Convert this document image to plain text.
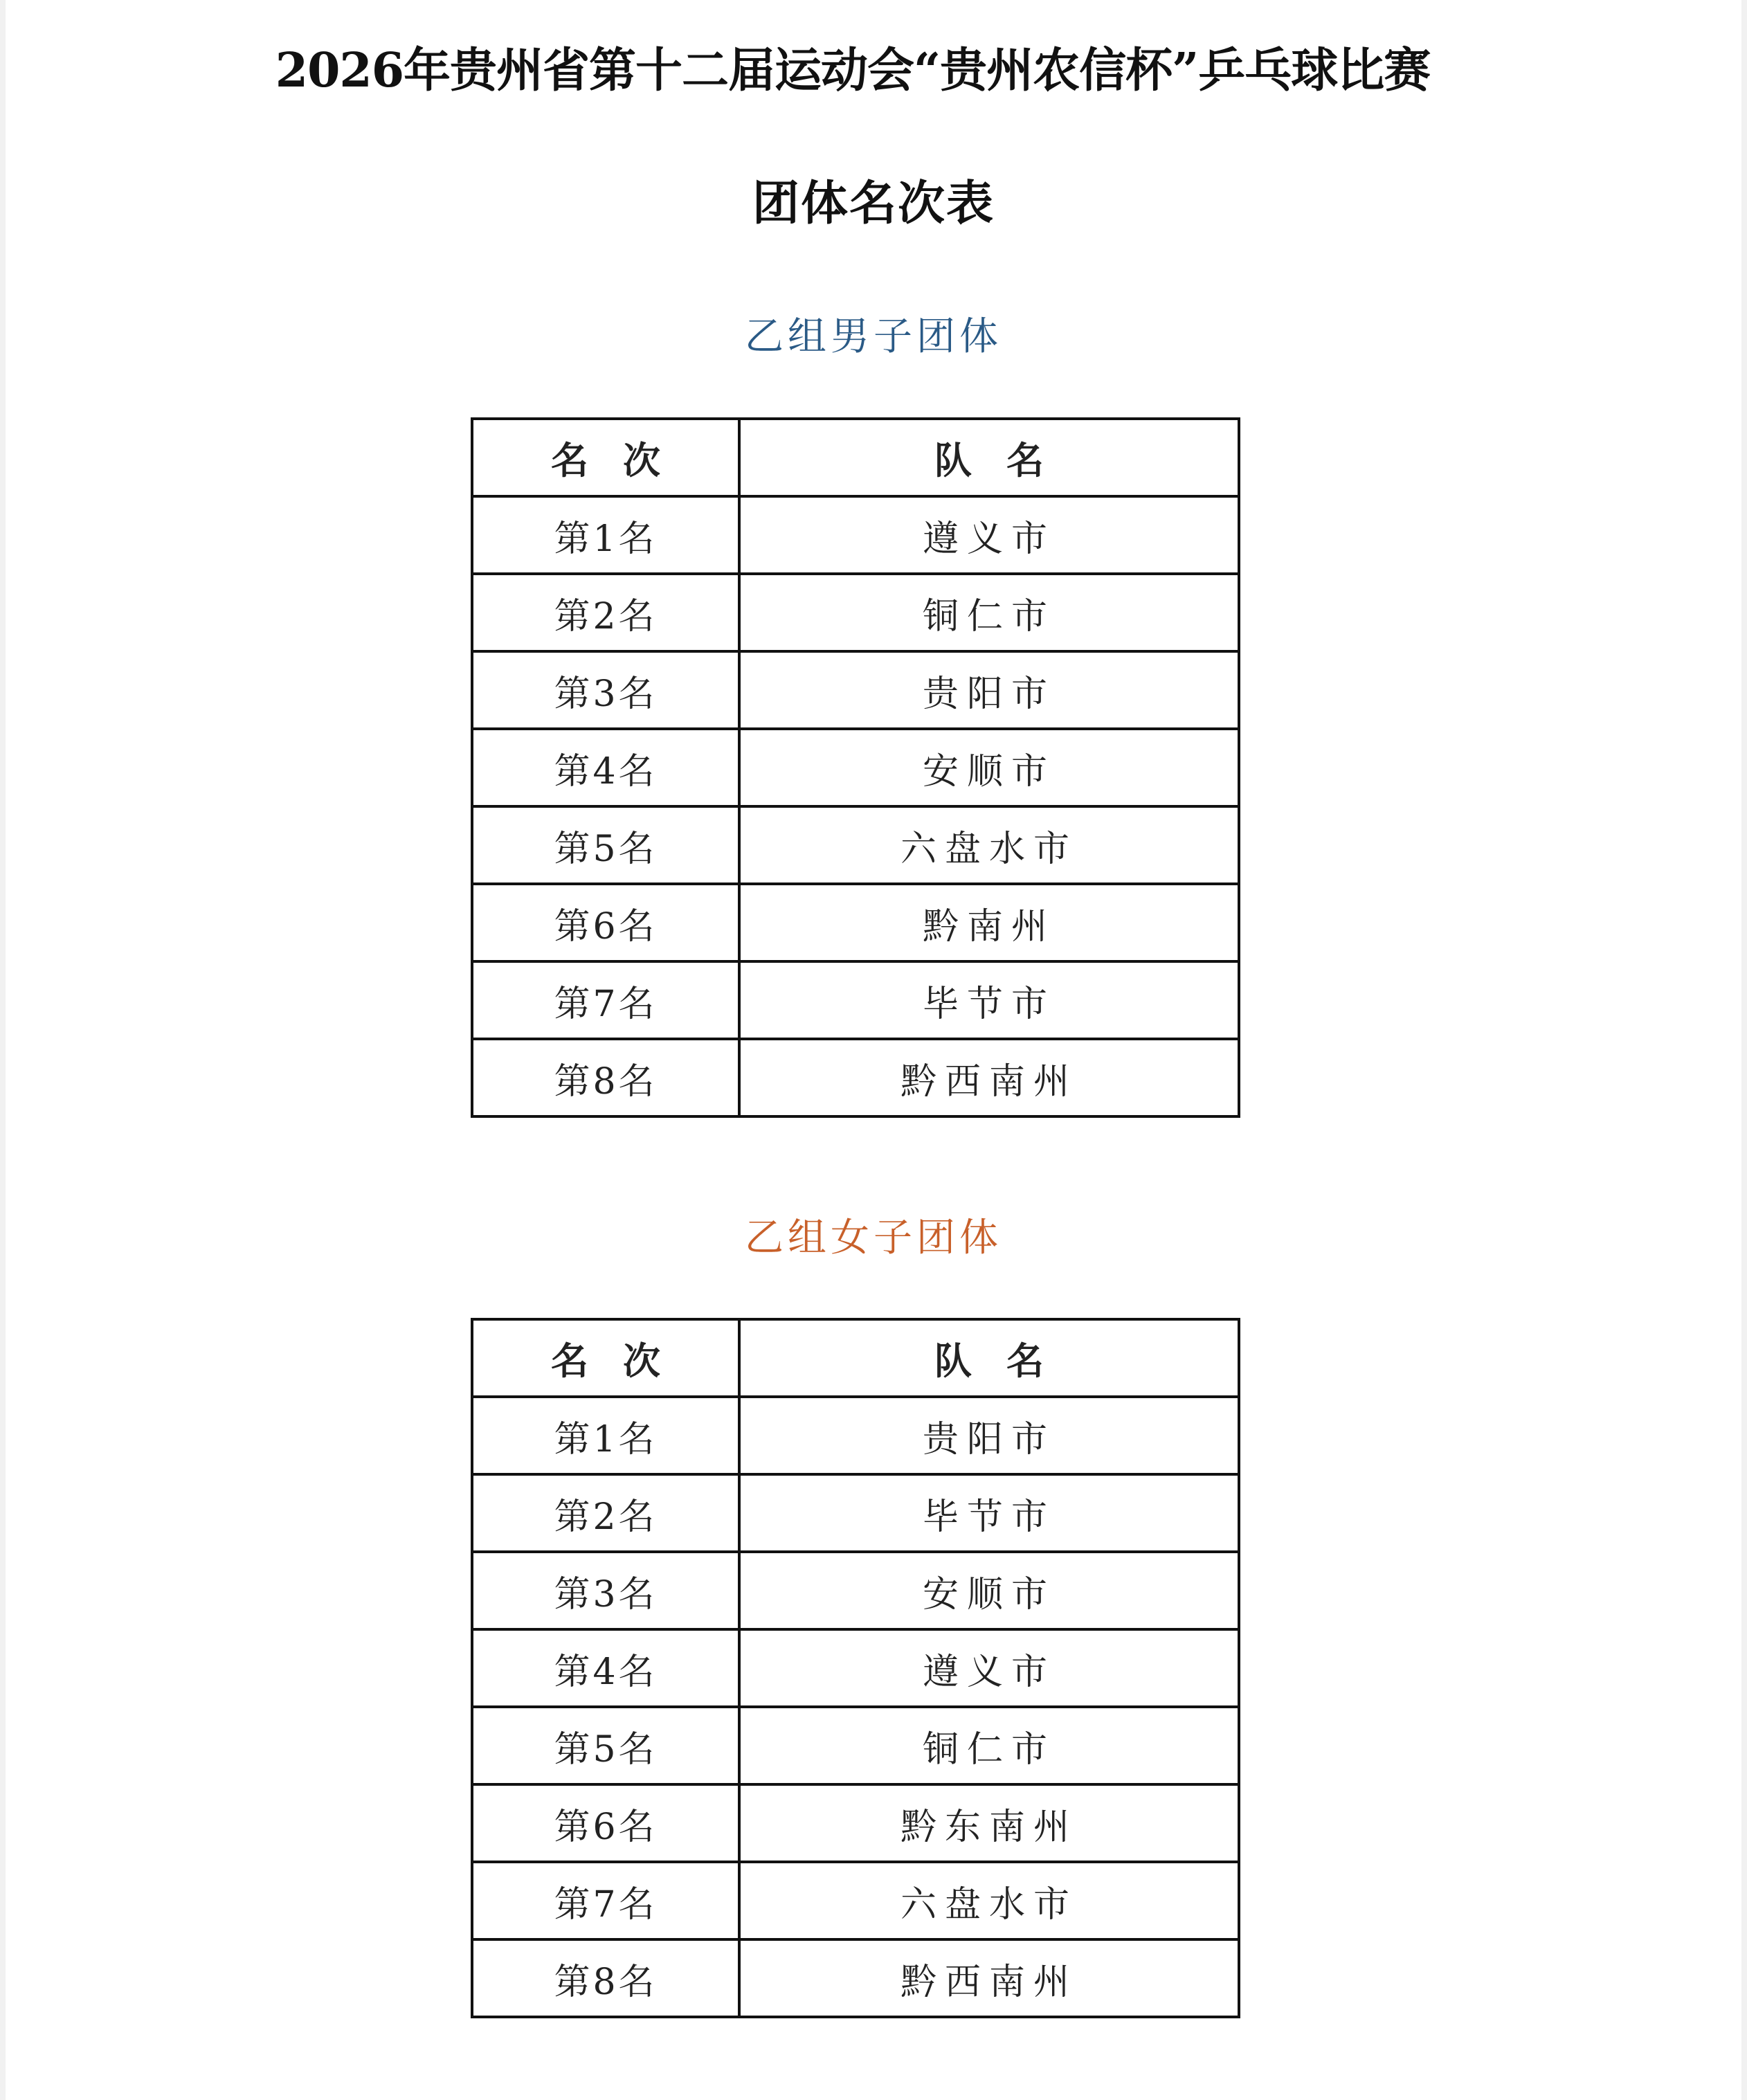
2026年贵州省第十二届运动会“贵州农信杯”乒乓球比赛
团体名次表
乙组男子团体
名次	队名
第1名	遵义市
第2名	铜仁市
第3名	贵阳市
第4名	安顺市
第5名	六盘水市
第6名	黔南州
第7名	毕节市
第8名	黔西南州
乙组女子团体
名次	队名
第1名	贵阳市
第2名	毕节市
第3名	安顺市
第4名	遵义市
第5名	铜仁市
第6名	黔东南州
第7名	六盘水市
第8名	黔西南州
